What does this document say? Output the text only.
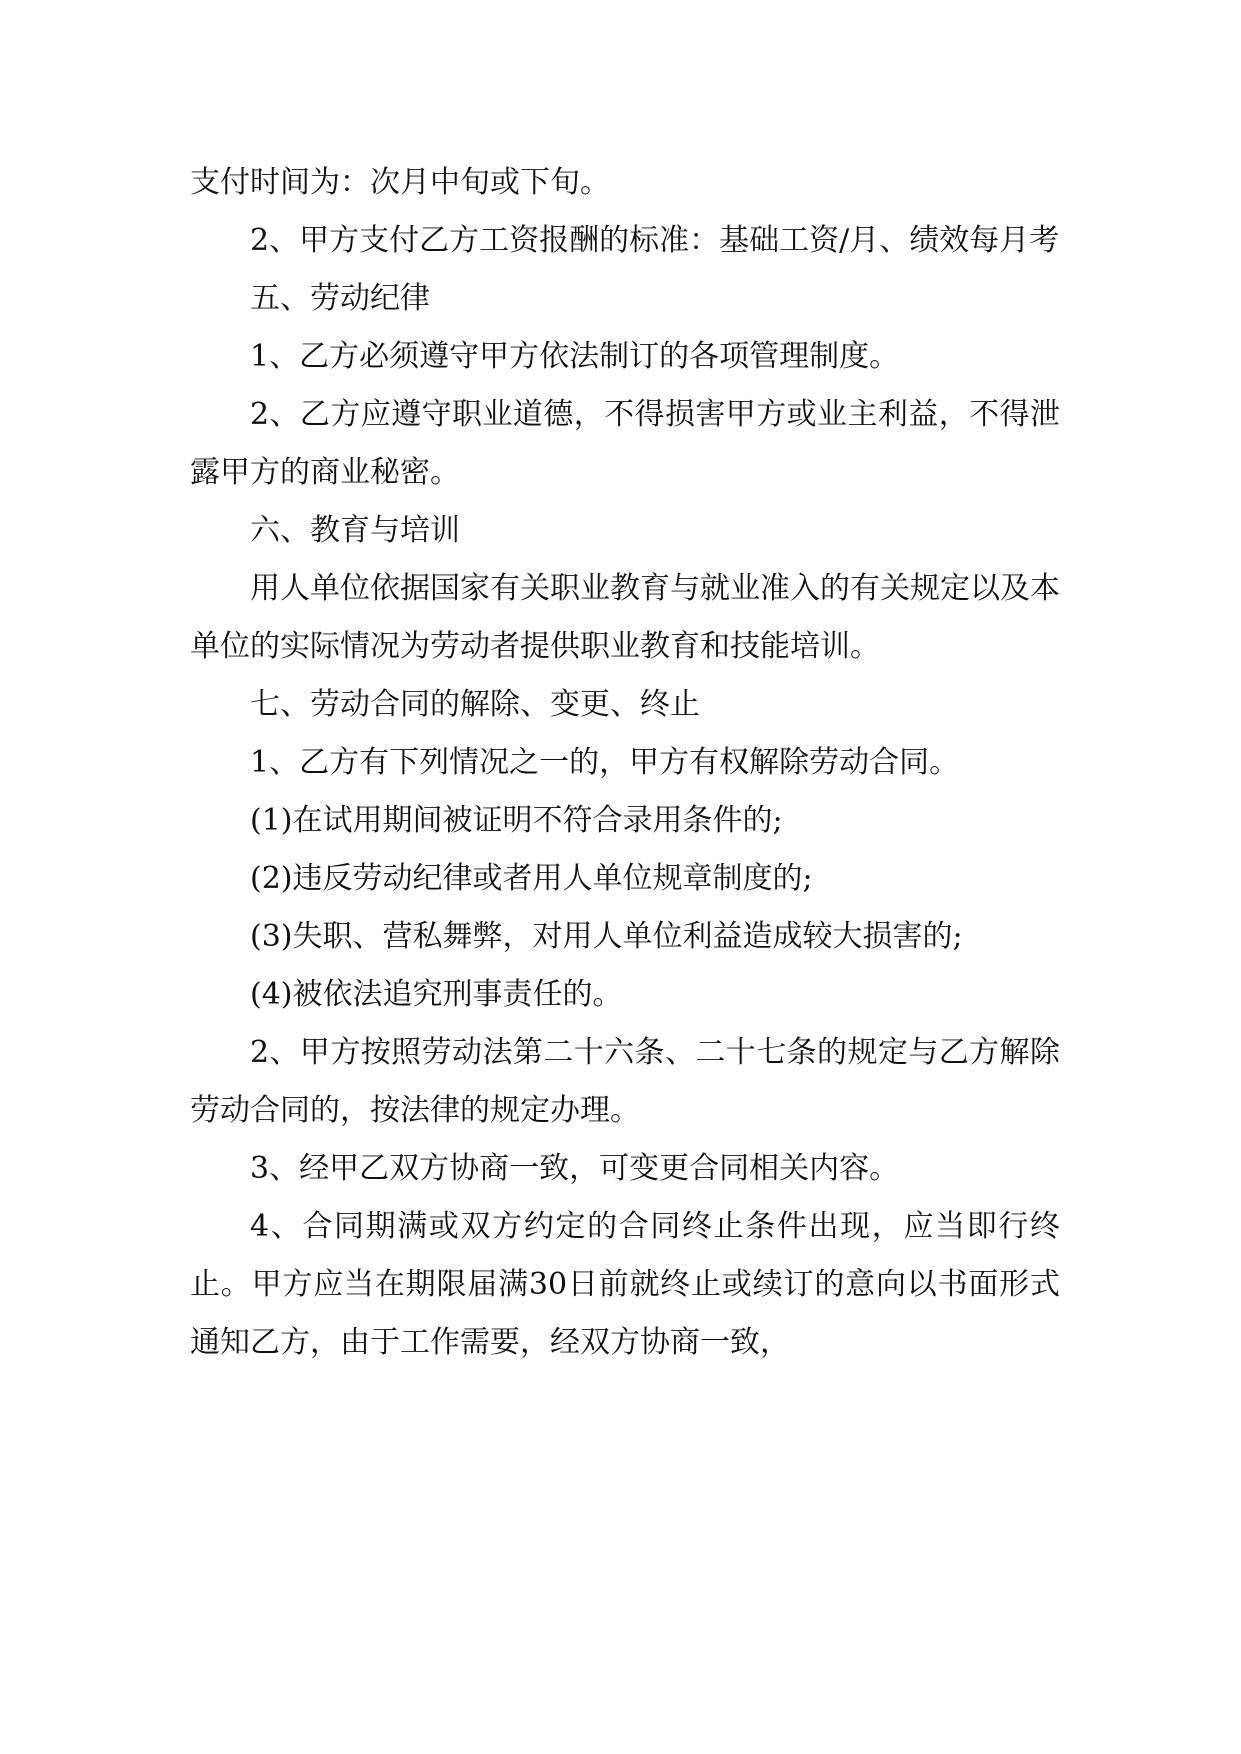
支付时间为：次月中旬或下旬。

2、甲方支付乙方工资报酬的标准：基础工资/月、绩效每月考

五、劳动纪律

1、乙方必须遵守甲方依法制订的各项管理制度。

2、乙方应遵守职业道德，不得损害甲方或业主利益，不得泄露甲方的商业秘密。

六、教育与培训

用人单位依据国家有关职业教育与就业准入的有关规定以及本单位的实际情况为劳动者提供职业教育和技能培训。

七、劳动合同的解除、变更、终止

1、乙方有下列情况之一的，甲方有权解除劳动合同。

(1)在试用期间被证明不符合录用条件的;

(2)违反劳动纪律或者用人单位规章制度的;

(3)失职、营私舞弊，对用人单位利益造成较大损害的;

(4)被依法追究刑事责任的。

2、甲方按照劳动法第二十六条、二十七条的规定与乙方解除劳动合同的，按法律的规定办理。

3、经甲乙双方协商一致，可变更合同相关内容。

4、合同期满或双方约定的合同终止条件出现，应当即行终止。甲方应当在期限届满30日前就终止或续订的意向以书面形式通知乙方，由于工作需要，经双方协商一致，
